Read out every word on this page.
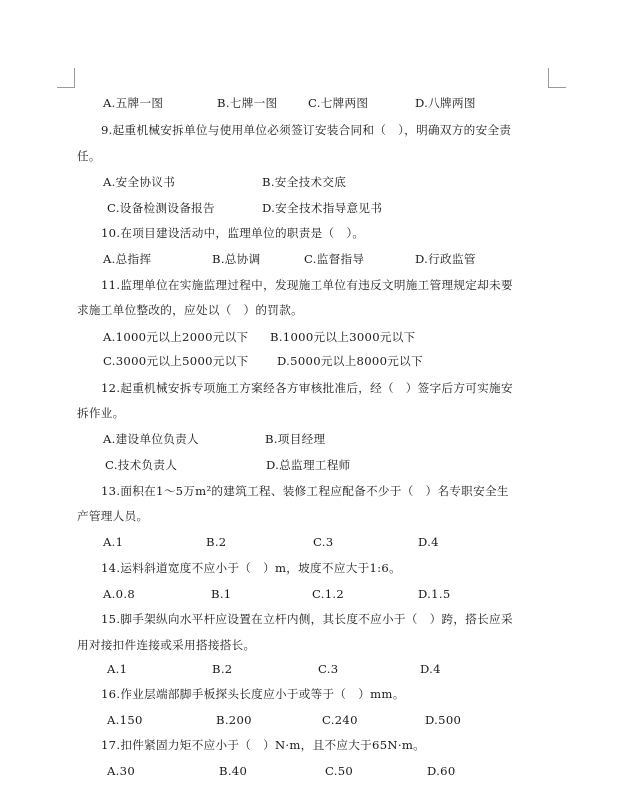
A.五牌一图	B.七牌一图	C.七牌两图	D.八牌两图
9.起重机械安拆单位与使用单位必须签订安装合同和（　），明确双方的安全责
任。
A.安全协议书	B.安全技术交底
C.设备检测设备报告	D.安全技术指导意见书
10.在项目建设活动中，监理单位的职责是（　）。
A.总指挥	B.总协调	C.监督指导	D.行政监管
11.监理单位在实施监理过程中，发现施工单位有违反文明施工管理规定却未要
求施工单位整改的，应处以（　）的罚款。
A.1000元以上2000元以下 B.1000元以上3000元以下
C.3000元以上5000元以下 D.5000元以上8000元以下
12.起重机械安拆专项施工方案经各方审核批准后，经（　）签字后方可实施安
拆作业。
A.建设单位负责人	B.项目经理
C.技术负责人	D.总监理工程师
13.面积在1～5万m²的建筑工程、装修工程应配备不少于（　）名专职安全生
产管理人员。
A.1	B.2	C.3	D.4
14.运料斜道宽度不应小于（　）m，坡度不应大于1:6。
A.0.8	B.1	C.1.2	D.1.5
15.脚手架纵向水平杆应设置在立杆内侧，其长度不应小于（　）跨，搭长应采
用对接扣件连接或采用搭接搭长。
A.1	B.2	C.3	D.4
16.作业层端部脚手板探头长度应小于或等于（　）mm。
A.150	B.200	C.240	D.500
17.扣件紧固力矩不应小于（　）N·m，且不应大于65N·m。
A.30	B.40	C.50	D.60
